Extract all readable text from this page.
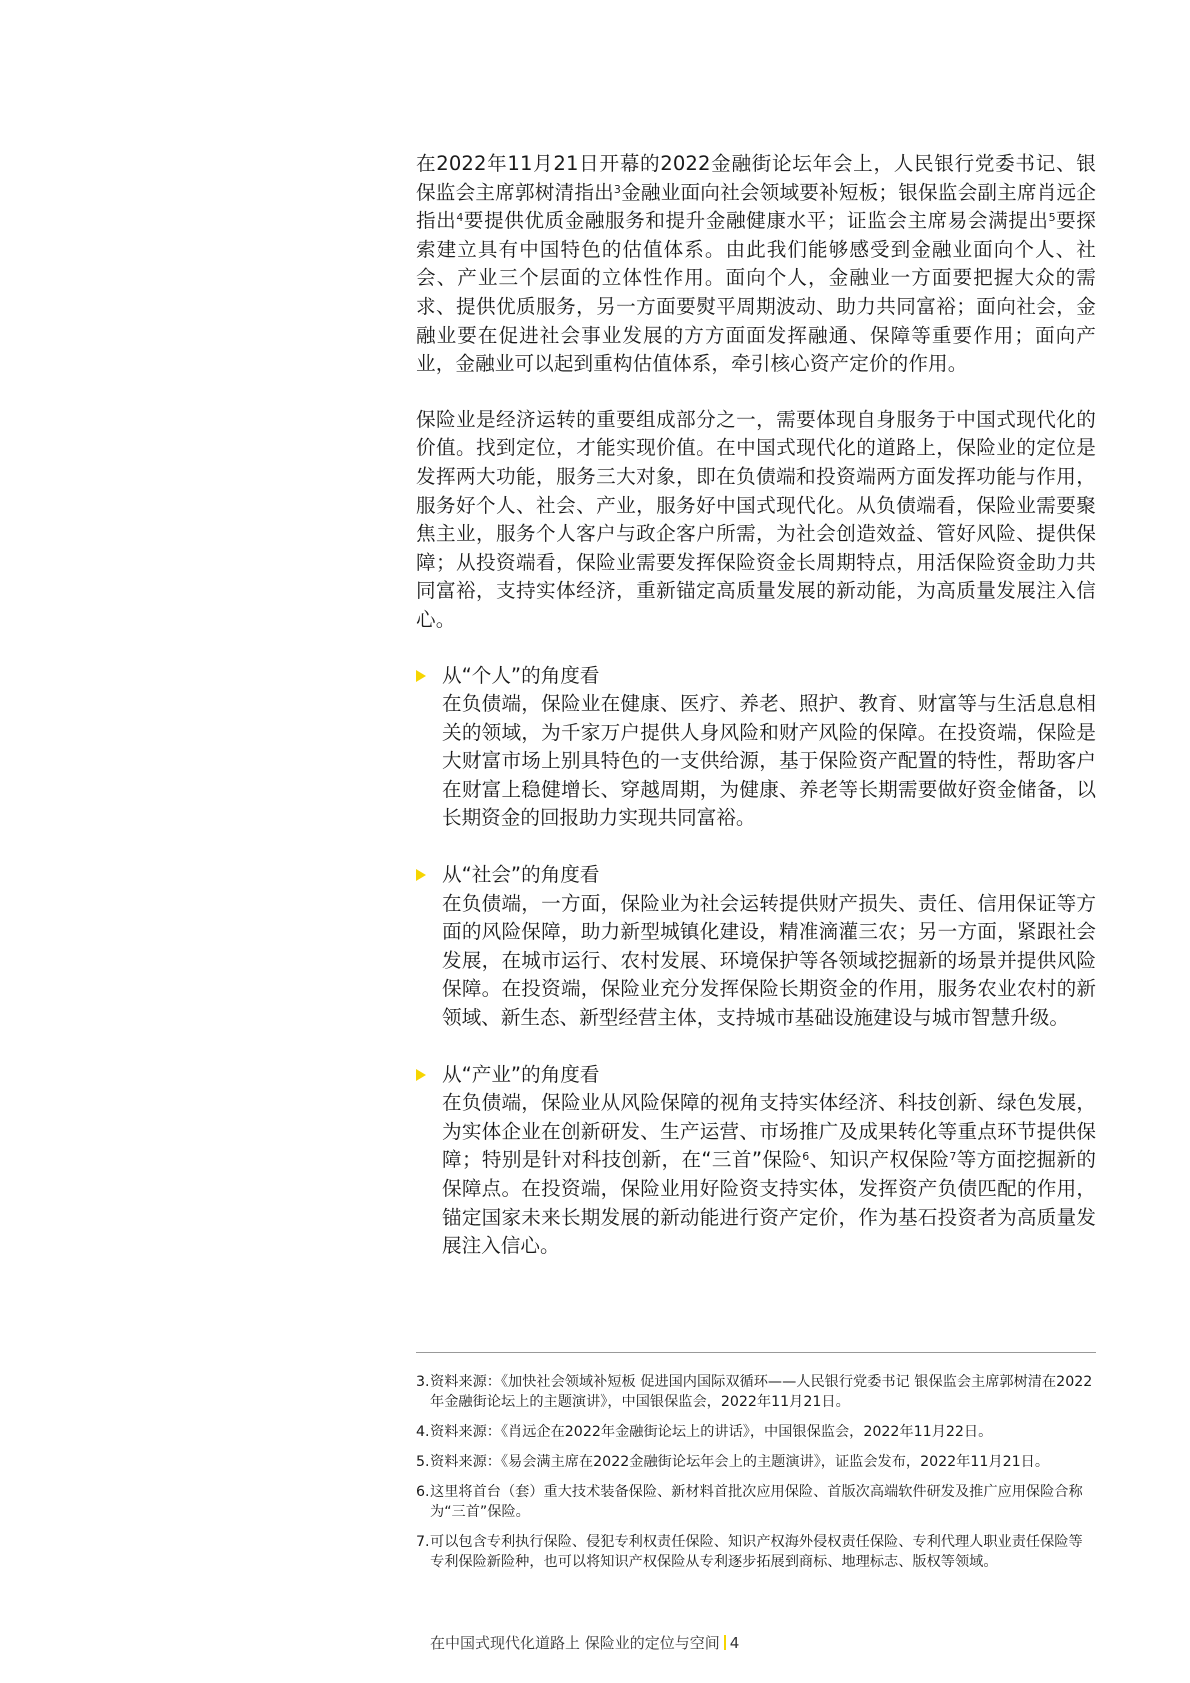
在2022年11月21日开幕的2022金融街论坛年会上，人民银行党委书记、银保监会主席郭树清指出$^3$金融业面向社会领域要补短板；银保监会副主席肖远企指出$^4$要提供优质金融服务和提升金融健康水平；证监会主席易会满提出$^5$要探索建立具有中国特色的估值体系。由此我们能够感受到金融业面向个人、社会、产业三个层面的立体性作用。面向个人，金融业一方面要把握大众的需求、提供优质服务，另一方面要熨平周期波动、助力共同富裕；面向社会，金融业要在促进社会事业发展的方方面面发挥融通、保障等重要作用；面向产业，金融业可以起到重构估值体系，牵引核心资产定价的作用。

保险业是经济运转的重要组成部分之一，需要体现自身服务于中国式现代化的价值。找到定位，才能实现价值。在中国式现代化的道路上，保险业的定位是发挥两大功能，服务三大对象，即在负债端和投资端两方面发挥功能与作用，服务好个人、社会、产业，服务好中国式现代化。从负债端看，保险业需要聚焦主业，服务个人客户与政企客户所需，为社会创造效益、管好风险、提供保障；从投资端看，保险业需要发挥保险资金长周期特点，用活保险资金助力共同富裕，支持实体经济，重新锚定高质量发展的新动能，为高质量发展注入信心。

从“个人”的角度看
在负债端，保险业在健康、医疗、养老、照护、教育、财富等与生活息息相关的领域，为千家万户提供人身风险和财产风险的保障。在投资端，保险是大财富市场上别具特色的一支供给源，基于保险资产配置的特性，帮助客户在财富上稳健增长、穿越周期，为健康、养老等长期需要做好资金储备，以长期资金的回报助力实现共同富裕。
从“社会”的角度看
在负债端，一方面，保险业为社会运转提供财产损失、责任、信用保证等方面的风险保障，助力新型城镇化建设，精准滴灌三农；另一方面，紧跟社会发展，在城市运行、农村发展、环境保护等各领域挖掘新的场景并提供风险保障。在投资端，保险业充分发挥保险长期资金的作用，服务农业农村的新领域、新生态、新型经营主体，支持城市基础设施建设与城市智慧升级。
从“产业”的角度看
在负债端，保险业从风险保障的视角支持实体经济、科技创新、绿色发展，为实体企业在创新研发、生产运营、市场推广及成果转化等重点环节提供保障；特别是针对科技创新，在“三首”保险$^6$、知识产权保险$^7$等方面挖掘新的保障点。在投资端，保险业用好险资支持实体，发挥资产负债匹配的作用，锚定国家未来长期发展的新动能进行资产定价，作为基石投资者为高质量发展注入信心。
3. 资料来源：《加快社会领域补短板 促进国内国际双循环——人民银行党委书记 银保监会主席郭树清在2022年金融街论坛上的主题演讲》，中国银保监会，2022年11月21日。
4. 资料来源：《肖远企在2022年金融街论坛上的讲话》，中国银保监会，2022年11月22日。
5. 资料来源：《易会满主席在2022金融街论坛年会上的主题演讲》，证监会发布，2022年11月21日。
6. 这里将首台（套）重大技术装备保险、新材料首批次应用保险、首版次高端软件研发及推广应用保险合称为“三首”保险。
7. 可以包含专利执行保险、侵犯专利权责任保险、知识产权海外侵权责任保险、专利代理人职业责任保险等专利保险新险种，也可以将知识产权保险从专利逐步拓展到商标、地理标志、版权等领域。
在中国式现代化道路上 保险业的定位与空间 4
